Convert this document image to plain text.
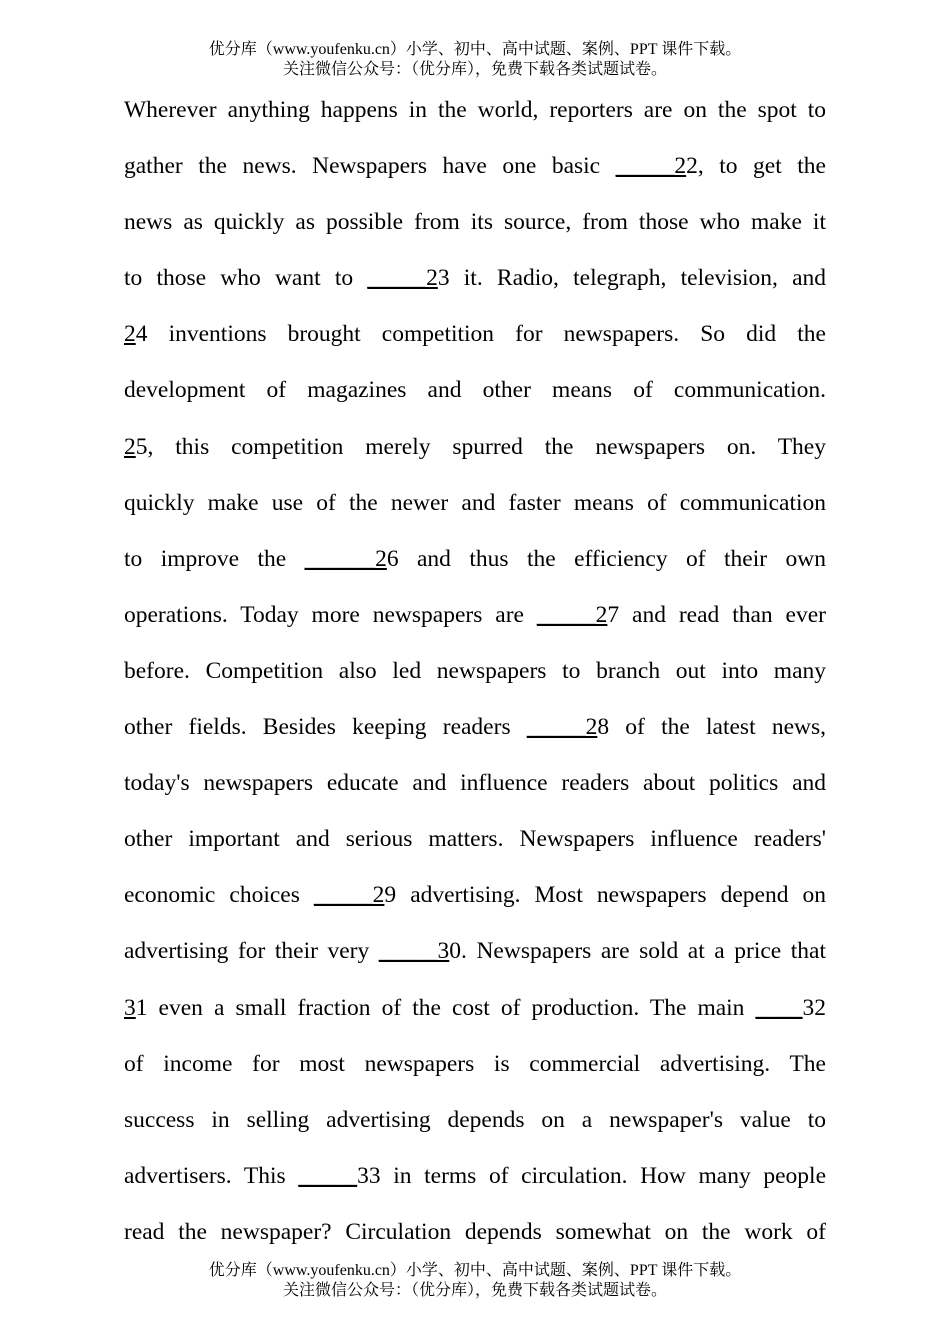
优分库（www.youfenku.cn）小学、初中、高中试题、案例、PPT 课件下载。
关注微信公众号：（优分库），免费下载各类试题试卷。
Wherever anything happens in the world, reporters are on the spot to
gather the news. Newspapers have one basic _____22, to get the
news as quickly as possible from its source, from those who make it
to those who want to _____23 it. Radio, telegraph, television, and
24 inventions brought competition for newspapers. So did the
development of magazines and other means of communication.
25, this competition merely spurred the newspapers on. They
quickly make use of the newer and faster means of communication
to improve the ______26 and thus the efficiency of their own
operations. Today more newspapers are _____27 and read than ever
before. Competition also led newspapers to branch out into many
other fields. Besides keeping readers _____28 of the latest news,
today's newspapers educate and influence readers about politics and
other important and serious matters. Newspapers influence readers'
economic choices _____29 advertising. Most newspapers depend on
advertising for their very _____30. Newspapers are sold at a price that
31 even a small fraction of the cost of production. The main ____32
of income for most newspapers is commercial advertising. The
success in selling advertising depends on a newspaper's value to
advertisers. This _____33 in terms of circulation. How many people
read the newspaper? Circulation depends somewhat on the work of
优分库（www.youfenku.cn）小学、初中、高中试题、案例、PPT 课件下载。
关注微信公众号：（优分库），免费下载各类试题试卷。
